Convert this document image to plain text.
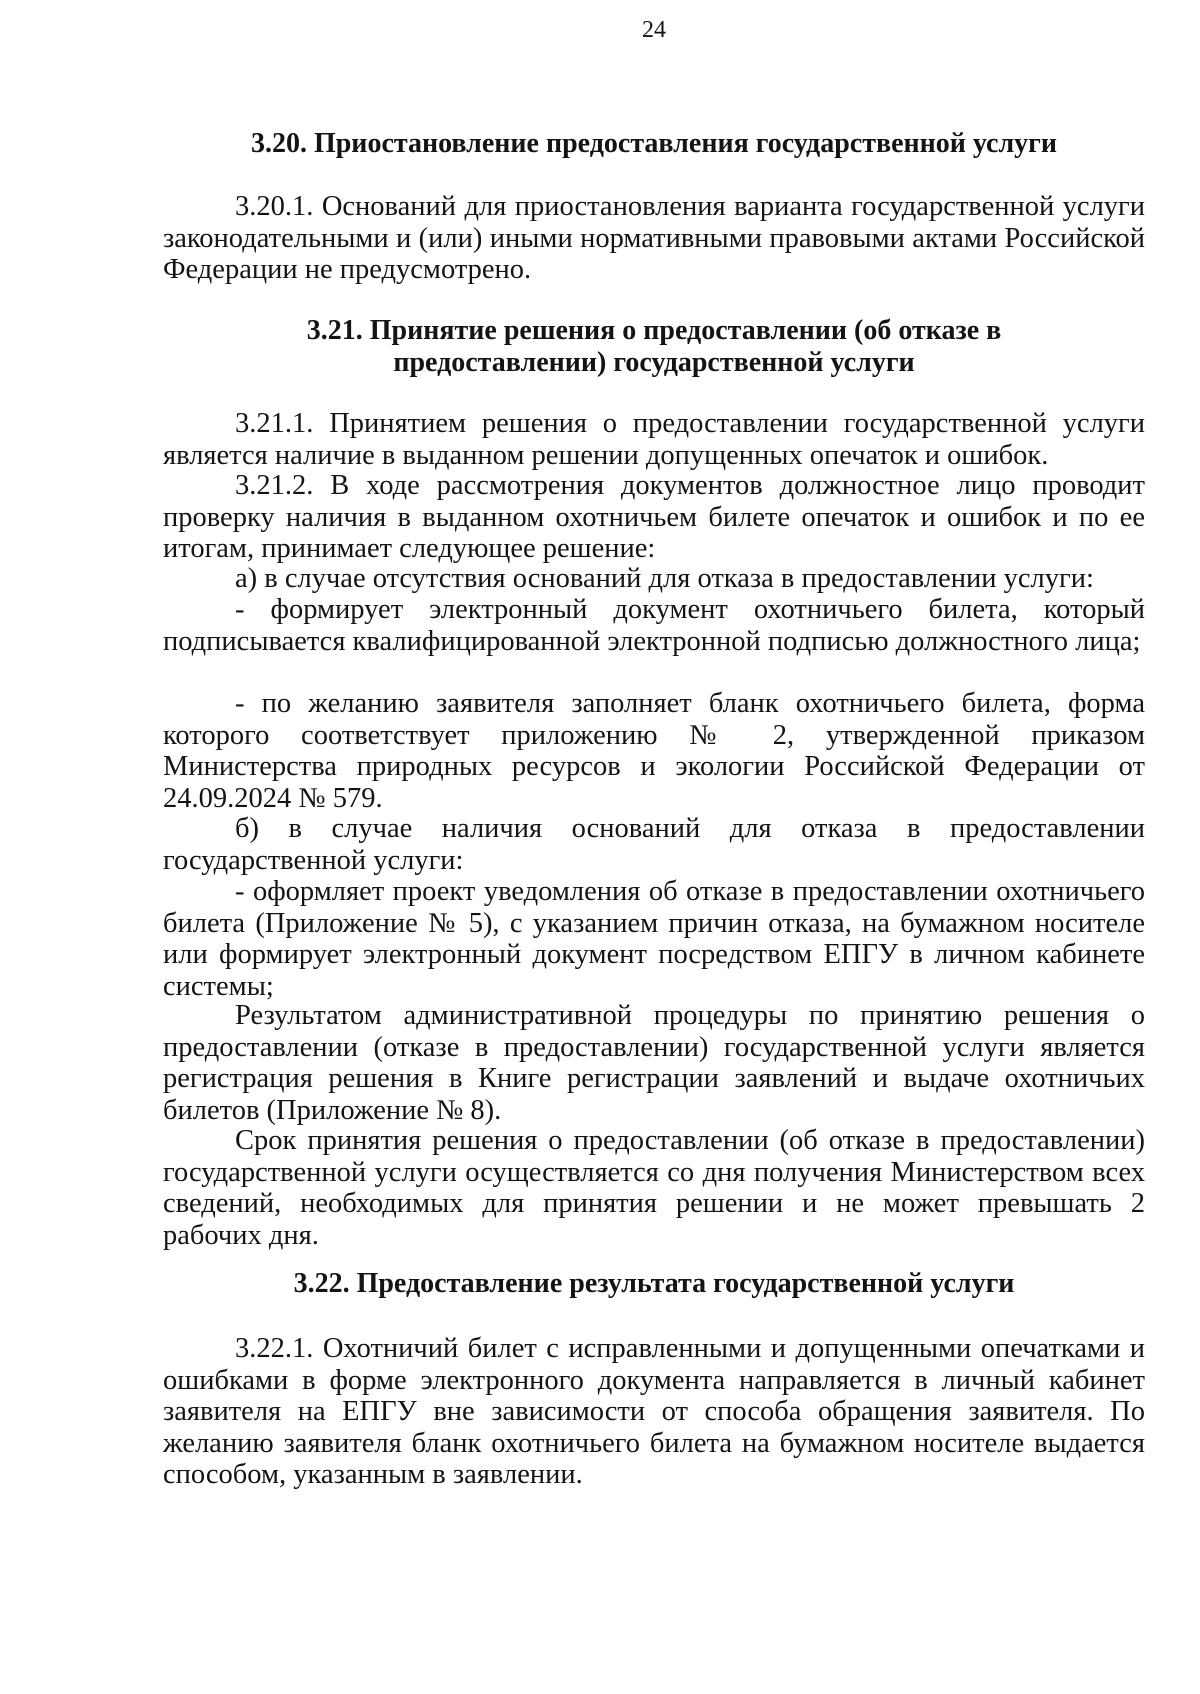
24

3.20. Приостановление предоставления государственной услуги

3.20.1. Оснований для приостановления варианта государственной услуги законодательными и (или) иными нормативными правовыми актами Российской Федерации не предусмотрено.

3.21. Принятие решения о предоставлении (об отказе в
предоставлении) государственной услуги

3.21.1. Принятием решения о предоставлении государственной услуги является наличие в выданном решении допущенных опечаток и ошибок.

3.21.2. В ходе рассмотрения документов должностное лицо проводит проверку наличия в выданном охотничьем билете опечаток и ошибок и по ее итогам, принимает следующее решение:

а) в случае отсутствия оснований для отказа в предоставлении услуги:

- формирует электронный документ охотничьего билета, который подписывается квалифицированной электронной подписью должностного лица;

- по желанию заявителя заполняет бланк охотничьего билета, форма которого соответствует приложению № 2, утвержденной приказом Министерства природных ресурсов и экологии Российской Федерации от 24.09.2024 № 579.

б) в случае наличия оснований для отказа в предоставлении государственной услуги:

- оформляет проект уведомления об отказе в предоставлении охотничьего билета (Приложение № 5), с указанием причин отказа, на бумажном носителе или формирует электронный документ посредством ЕПГУ в личном кабинете системы;

Результатом административной процедуры по принятию решения о предоставлении (отказе в предоставлении) государственной услуги является регистрация решения в Книге регистрации заявлений и выдаче охотничьих билетов (Приложение № 8).

Срок принятия решения о предоставлении (об отказе в предоставлении) государственной услуги осуществляется со дня получения Министерством всех сведений, необходимых для принятия решении и не может превышать 2 рабочих дня.

3.22. Предоставление результата государственной услуги

3.22.1. Охотничий билет с исправленными и допущенными опечатками и ошибками в форме электронного документа направляется в личный кабинет заявителя на ЕПГУ вне зависимости от способа обращения заявителя. По желанию заявителя бланк охотничьего билета на бумажном носителе выдается способом, указанным в заявлении.
